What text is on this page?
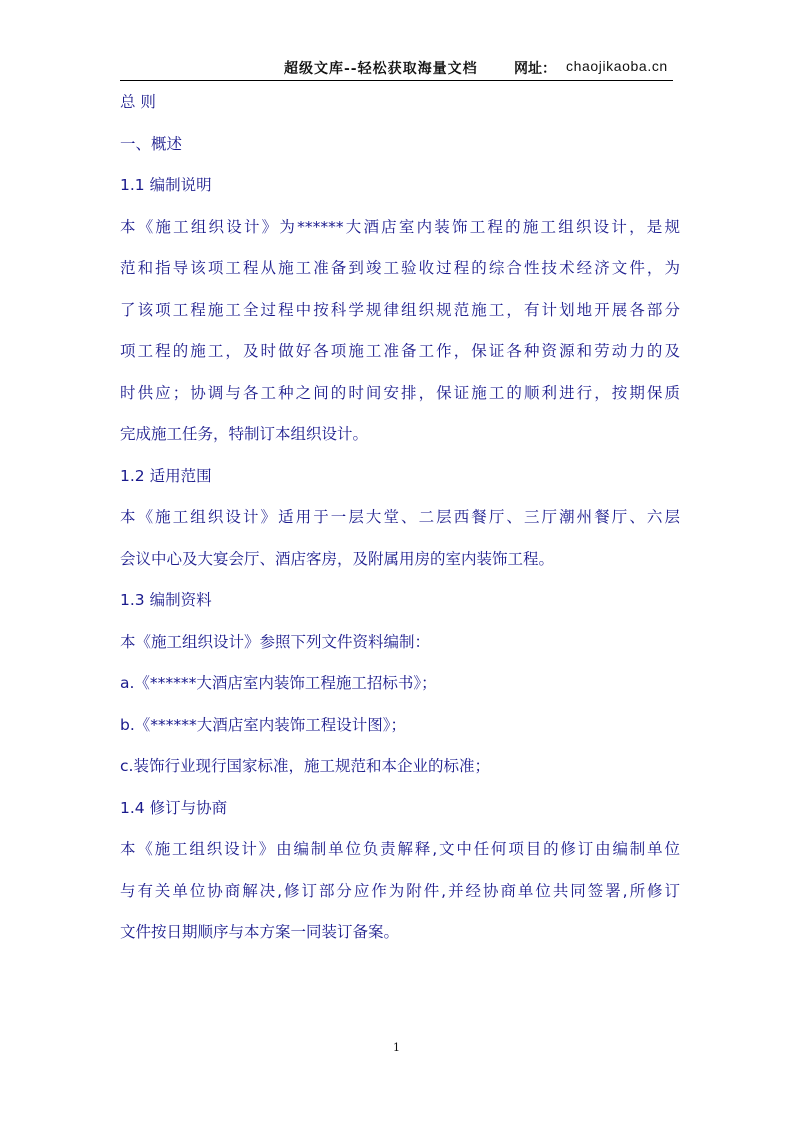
超级文库--轻松获取海量文档	网址： chaojikaoba.cn
总 则
一、概述
1.1 编制说明
本《施工组织设计》为******大酒店室内装饰工程的施工组织设计，是规
范和指导该项工程从施工准备到竣工验收过程的综合性技术经济文件，为
了该项工程施工全过程中按科学规律组织规范施工，有计划地开展各部分
项工程的施工，及时做好各项施工准备工作，保证各种资源和劳动力的及
时供应；协调与各工种之间的时间安排，保证施工的顺利进行，按期保质
完成施工任务，特制订本组织设计。
1.2 适用范围
本《施工组织设计》适用于一层大堂、二层西餐厅、三厅潮州餐厅、六层
会议中心及大宴会厅、酒店客房，及附属用房的室内装饰工程。
1.3 编制资料
本《施工组织设计》参照下列文件资料编制：
a.《******大酒店室内装饰工程施工招标书》；
b.《******大酒店室内装饰工程设计图》；
c.装饰行业现行国家标准，施工规范和本企业的标准；
1.4 修订与协商
本《施工组织设计》由编制单位负责解释,文中任何项目的修订由编制单位
与有关单位协商解决,修订部分应作为附件,并经协商单位共同签署,所修订
文件按日期顺序与本方案一同装订备案。
1
